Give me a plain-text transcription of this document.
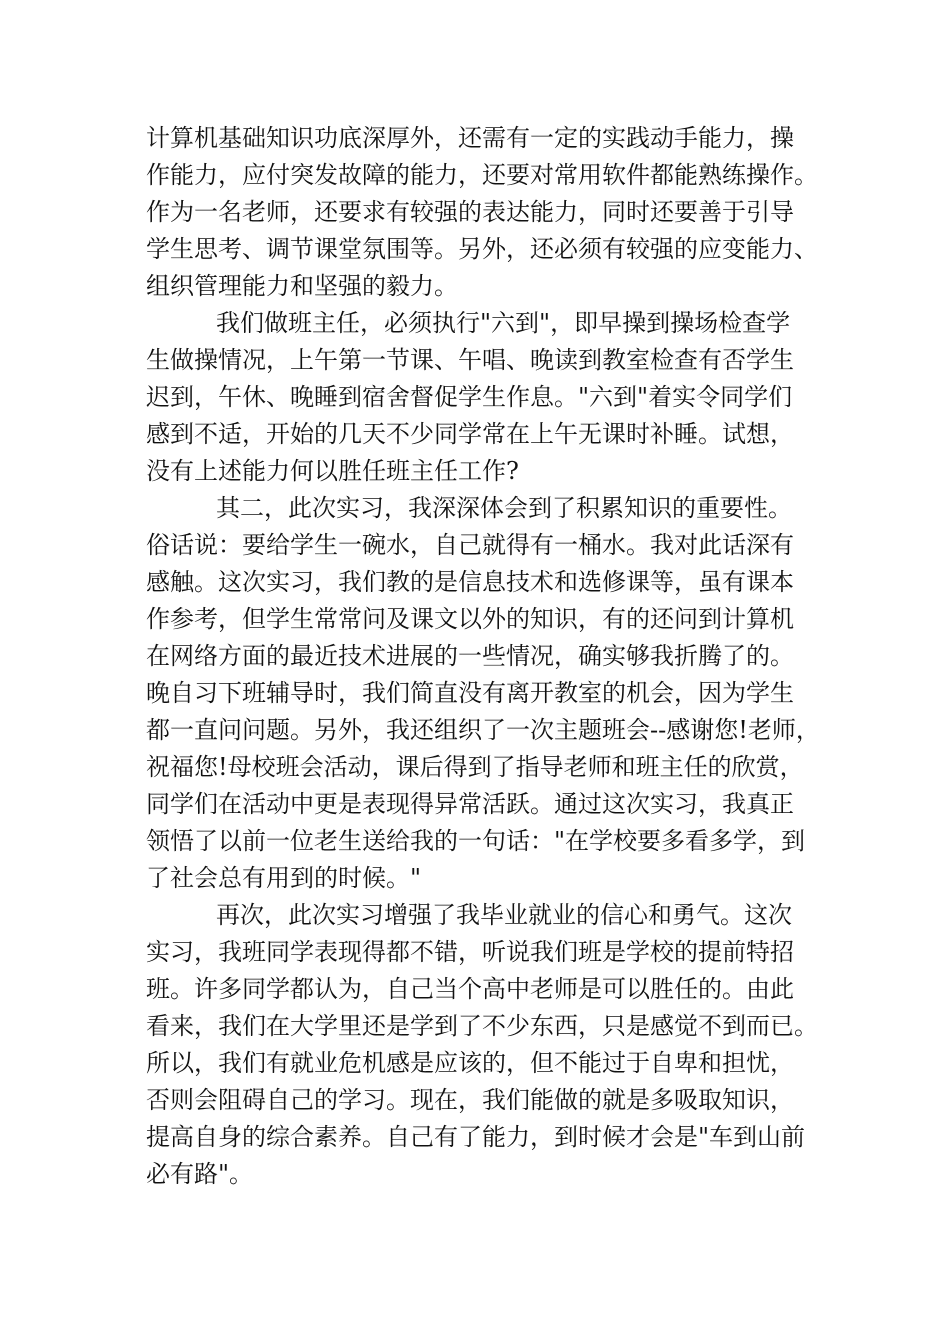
计算机基础知识功底深厚外，还需有一定的实践动手能力，操
作能力，应付突发故障的能力，还要对常用软件都能熟练操作。
作为一名老师，还要求有较强的表达能力，同时还要善于引导
学生思考、调节课堂氛围等。另外，还必须有较强的应变能力、
组织管理能力和坚强的毅力。
我们做班主任，必须执行"六到"，即早操到操场检查学
生做操情况，上午第一节课、午唱、晚读到教室检查有否学生
迟到，午休、晚睡到宿舍督促学生作息。"六到"着实令同学们
感到不适，开始的几天不少同学常在上午无课时补睡。试想，
没有上述能力何以胜任班主任工作?
其二，此次实习，我深深体会到了积累知识的重要性。
俗话说：要给学生一碗水，自己就得有一桶水。我对此话深有
感触。这次实习，我们教的是信息技术和选修课等，虽有课本
作参考，但学生常常问及课文以外的知识，有的还问到计算机
在网络方面的最近技术进展的一些情况，确实够我折腾了的。
晚自习下班辅导时，我们简直没有离开教室的机会，因为学生
都一直问问题。另外，我还组织了一次主题班会--感谢您!老师，
祝福您!母校班会活动，课后得到了指导老师和班主任的欣赏，
同学们在活动中更是表现得异常活跃。通过这次实习，我真正
领悟了以前一位老生送给我的一句话："在学校要多看多学，到
了社会总有用到的时候。"
再次，此次实习增强了我毕业就业的信心和勇气。这次
实习，我班同学表现得都不错，听说我们班是学校的提前特招
班。许多同学都认为，自己当个高中老师是可以胜任的。由此
看来，我们在大学里还是学到了不少东西，只是感觉不到而已。
所以，我们有就业危机感是应该的，但不能过于自卑和担忧，
否则会阻碍自己的学习。现在，我们能做的就是多吸取知识，
提高自身的综合素养。自己有了能力，到时候才会是"车到山前
必有路"。
